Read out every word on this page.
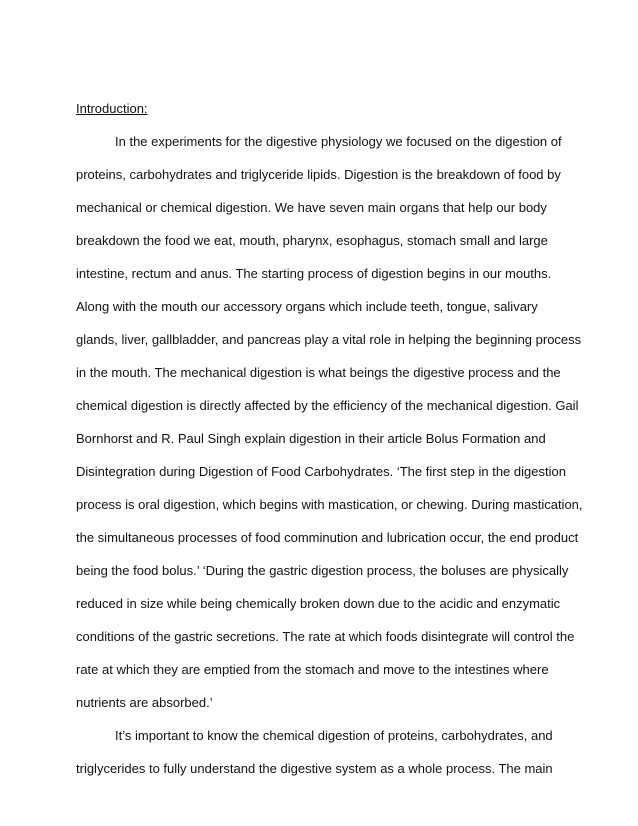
Introduction:
In the experiments for the digestive physiology we focused on the digestion of
proteins, carbohydrates and triglyceride lipids. Digestion is the breakdown of food by
mechanical or chemical digestion. We have seven main organs that help our body
breakdown the food we eat, mouth, pharynx, esophagus, stomach small and large
intestine, rectum and anus. The starting process of digestion begins in our mouths.
Along with the mouth our accessory organs which include teeth, tongue, salivary
glands, liver, gallbladder, and pancreas play a vital role in helping the beginning process
in the mouth. The mechanical digestion is what beings the digestive process and the
chemical digestion is directly affected by the efficiency of the mechanical digestion. Gail
Bornhorst and R. Paul Singh explain digestion in their article Bolus Formation and
Disintegration during Digestion of Food Carbohydrates. ‘The first step in the digestion
process is oral digestion, which begins with mastication, or chewing. During mastication,
the simultaneous processes of food comminution and lubrication occur, the end product
being the food bolus.’ ‘During the gastric digestion process, the boluses are physically
reduced in size while being chemically broken down due to the acidic and enzymatic
conditions of the gastric secretions. The rate at which foods disintegrate will control the
rate at which they are emptied from the stomach and move to the intestines where
nutrients are absorbed.’
It’s important to know the chemical digestion of proteins, carbohydrates, and
triglycerides to fully understand the digestive system as a whole process. The main
